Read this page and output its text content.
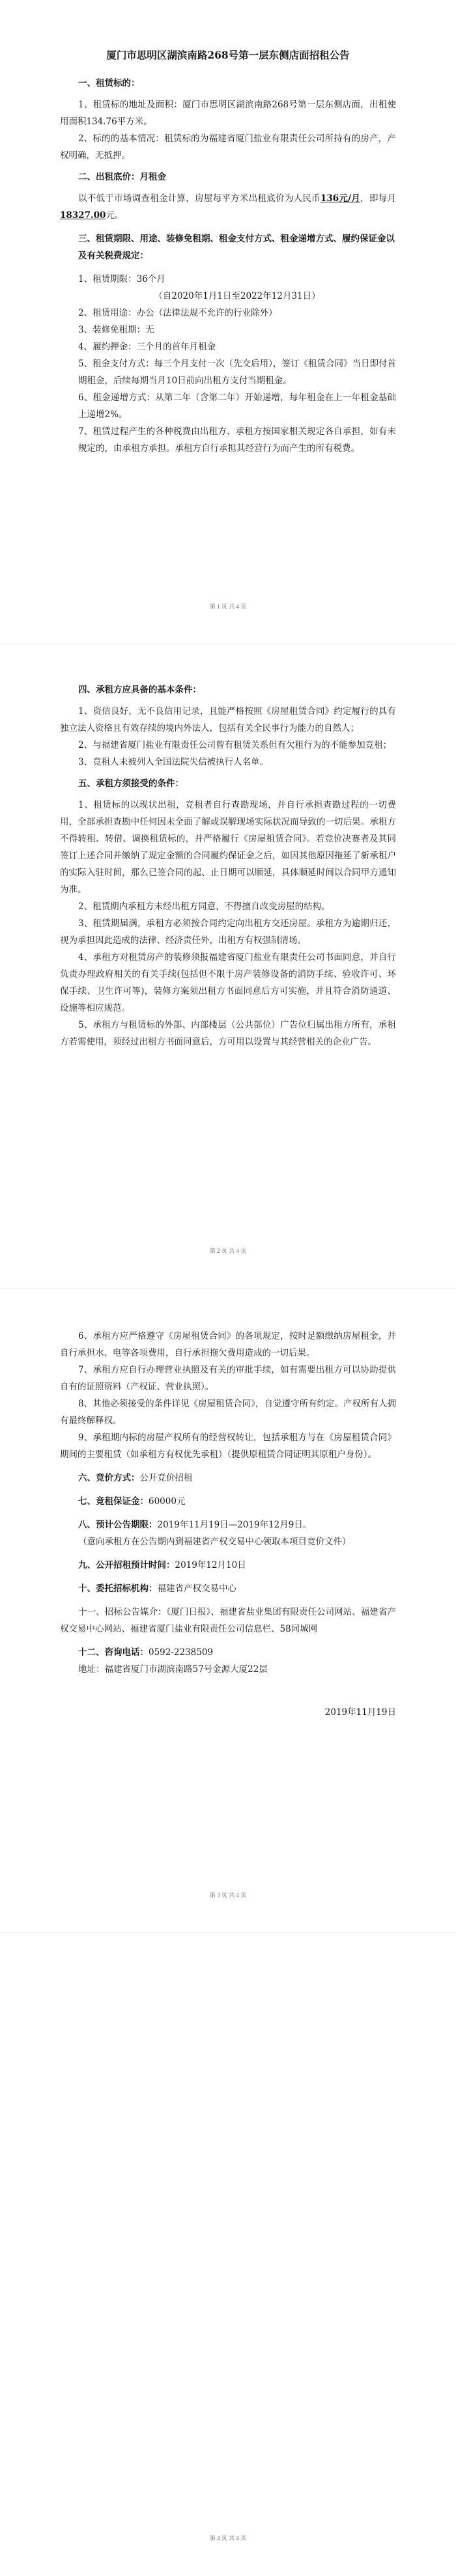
厦门市思明区湖滨南路268号第一层东侧店面招租公告
一、租赁标的：

1、租赁标的地址及面积：厦门市思明区湖滨南路268号第一层东侧店面，出租使用面积134.76平方米。

2、标的的基本情况：租赁标的为福建省厦门盐业有限责任公司所持有的房产，产权明确，无抵押。

二、出租底价：月租金

以不低于市场调查租金计算，房屋每平方米出租底价为人民币136元/月，即每月18327.00元。

三、租赁期限、用途、装修免租期、租金支付方式、租金递增方式、履约保证金以及有关税费规定：

1、租赁期限：36个月

（自2020年1月1日至2022年12月31日）

2、租赁用途：办公（法律法规不允许的行业除外）

3、装修免租期：无

4、履约押金：三个月的首年月租金

5、租金支付方式：每三个月支付一次（先交后用），签订《租赁合同》当日即付首期租金，后续每期当月10日前向出租方支付当期租金。

6、租金递增方式：从第二年（含第二年）开始递增，每年租金在上一年租金基础上递增2%。

7、租赁过程产生的各种税费由出租方、承租方按国家相关规定各自承担，如有未规定的，由承租方承担。承租方自行承担其经营行为而产生的所有税费。

第 1 页 共 4 页
四、承租方应具备的基本条件：

1、资信良好，无不良信用记录，且能严格按照《房屋租赁合同》约定履行的具有独立法人资格且有效存续的境内外法人，包括有关全民事行为能力的自然人；

2、与福建省厦门盐业有限责任公司曾有租赁关系但有欠租行为的不能参加竞租；

3、竞租人未被列入全国法院失信被执行人名单。

五、承租方须接受的条件：

1、租赁标的以现状出租，竞租者自行查勘现场，并自行承担查勘过程的一切费用，全部承担查勘中任何因未全面了解或误解现场实际状况而导致的一切后果。承租方不得转租、转借、调换租赁标的，并严格履行《房屋租赁合同》。若竞价决赛者及其同签订上述合同并缴纳了规定金额的合同履约保证金之后，如因其他原因拖延了新承租户的实际入驻时间，那么已签合同的起、止日期可以顺延，具体顺延时间以合同甲方通知为准。

2、租赁期内承租方未经出租方同意，不得擅自改变房屋的结构。

3、租赁期届满，承租方必须按合同约定向出租方交还房屋。承租方为逾期归还，视为承担因此造成的法律、经济责任外，出租方有权强制清场。

4、承租方对租赁房产的装修须报福建省厦门盐业有限责任公司书面同意，并自行负责办理政府相关的有关手续(包括但不限于房产装修设备的消防手续、验收许可、环保手续、卫生许可等)，装修方案须出租方书面同意后方可实施，并且符合消防通道、设施等相应规范。

5、承租方与租赁标的外部、内部楼层（公共部位）广告位归属出租方所有，承租方若需使用，须经过出租方书面同意后，方可用以设置与其经营相关的企业广告。

第 2 页 共 4 页

6、承租方应严格遵守《房屋租赁合同》的各项规定，按时足额缴纳房屋租金，并自行承担水、电等各项费用，自行承担拖欠费用造成的一切后果。

7、承租方应自行办理营业执照及有关的审批手续，如有需要出租方可以协助提供自有的证照资料（产权证、营业执照）。

8、其他必须接受的条件详见《房屋租赁合同》，自觉遵守所有约定。产权所有人拥有最终解释权。

9、承租期内标的房屋产权所有的经营权转让，包括承租方与在《房屋租赁合同》期间的主要租赁（如承租方有权优先承租）（提供原租赁合同证明其原租户身份）。

六、竞价方式：公开竞价招租

七、竞租保证金：60000元

八、预计公告期限：2019年11月19日—2019年12月9日。

（意向承租方在公告期内到福建省产权交易中心领取本项目竞价文件）

九、公开招租预计时间：2019年12月10日

十、委托招标机构：福建省产权交易中心

十一、招标公告媒介：《厦门日报》、福建省盐业集团有限责任公司网站、福建省产权交易中心网站、福建省厦门盐业有限责任公司信息栏、58同城网

十二、咨询电话：0592-2238509

地址：福建省厦门市湖滨南路57号金源大厦22层

2019年11月19日
第 3 页 共 4 页
第 4 页 共 4 页
